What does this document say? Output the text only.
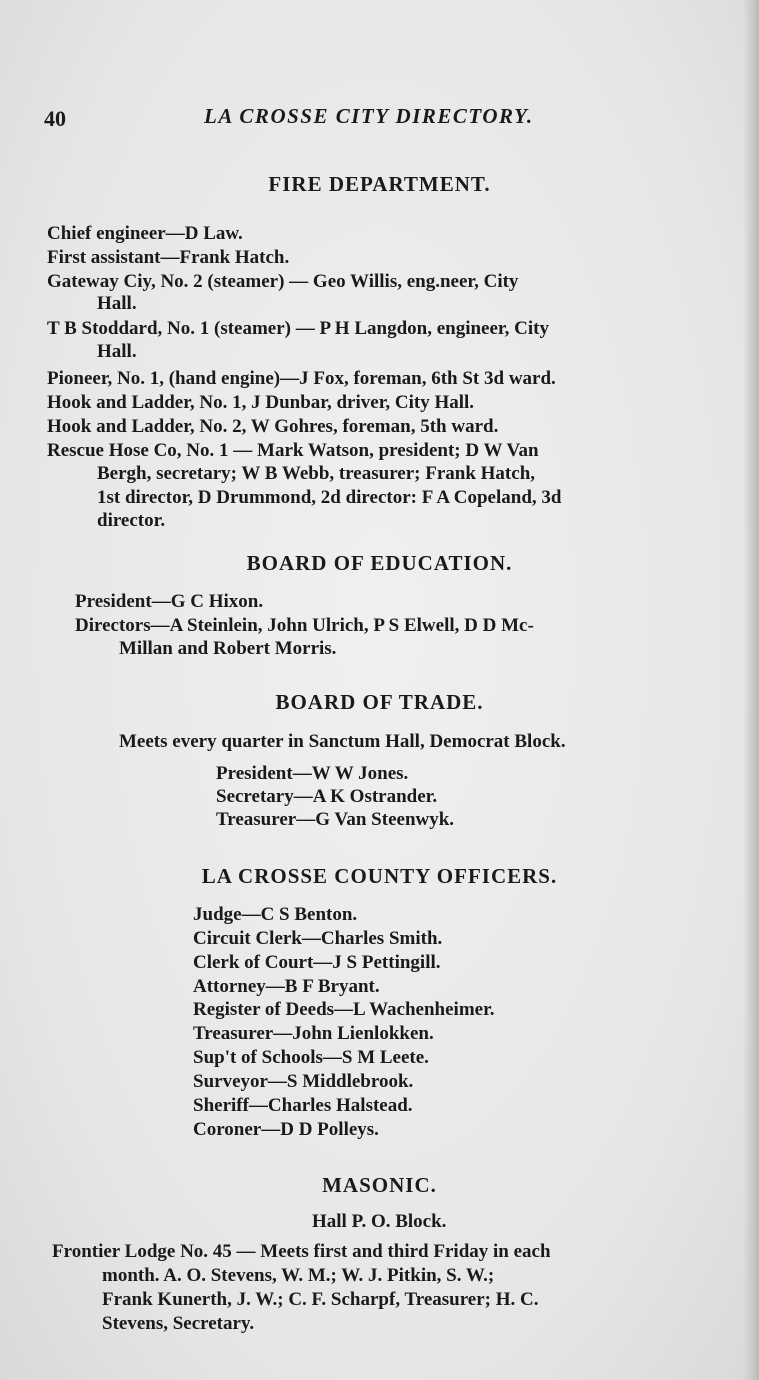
40	LA CROSSE CITY DIRECTORY.
FIRE DEPARTMENT.
Chief engineer—D Law.
First assistant—Frank Hatch.
Gateway Ciy, No. 2 (steamer) — Geo Willis, eng.neer, City
Hall.
T B Stoddard, No. 1 (steamer) — P H Langdon, engineer, City
Hall.
Pioneer, No. 1, (hand engine)—J Fox, foreman, 6th St 3d ward.
Hook and Ladder, No. 1, J Dunbar, driver, City Hall.
Hook and Ladder, No. 2, W Gohres, foreman, 5th ward.
Rescue Hose Co, No. 1 — Mark Watson, president; D W Van
Bergh, secretary; W B Webb, treasurer; Frank Hatch,
1st director, D Drummond, 2d director: F A Copeland, 3d
director.
BOARD OF EDUCATION.
President—G C Hixon.
Directors—A Steinlein, John Ulrich, P S Elwell, D D Mc-
Millan and Robert Morris.
BOARD OF TRADE.
Meets every quarter in Sanctum Hall, Democrat Block.
President—W W Jones.
Secretary—A K Ostrander.
Treasurer—G Van Steenwyk.
LA CROSSE COUNTY OFFICERS.
Judge—C S Benton.
Circuit Clerk—Charles Smith.
Clerk of Court—J S Pettingill.
Attorney—B F Bryant.
Register of Deeds—L Wachenheimer.
Treasurer—John Lienlokken.
Sup't of Schools—S M Leete.
Surveyor—S Middlebrook.
Sheriff—Charles Halstead.
Coroner—D D Polleys.
MASONIC.
Hall P. O. Block.
Frontier Lodge No. 45 — Meets first and third Friday in each
month. A. O. Stevens, W. M.; W. J. Pitkin, S. W.;
Frank Kunerth, J. W.; C. F. Scharpf, Treasurer; H. C.
Stevens, Secretary.
